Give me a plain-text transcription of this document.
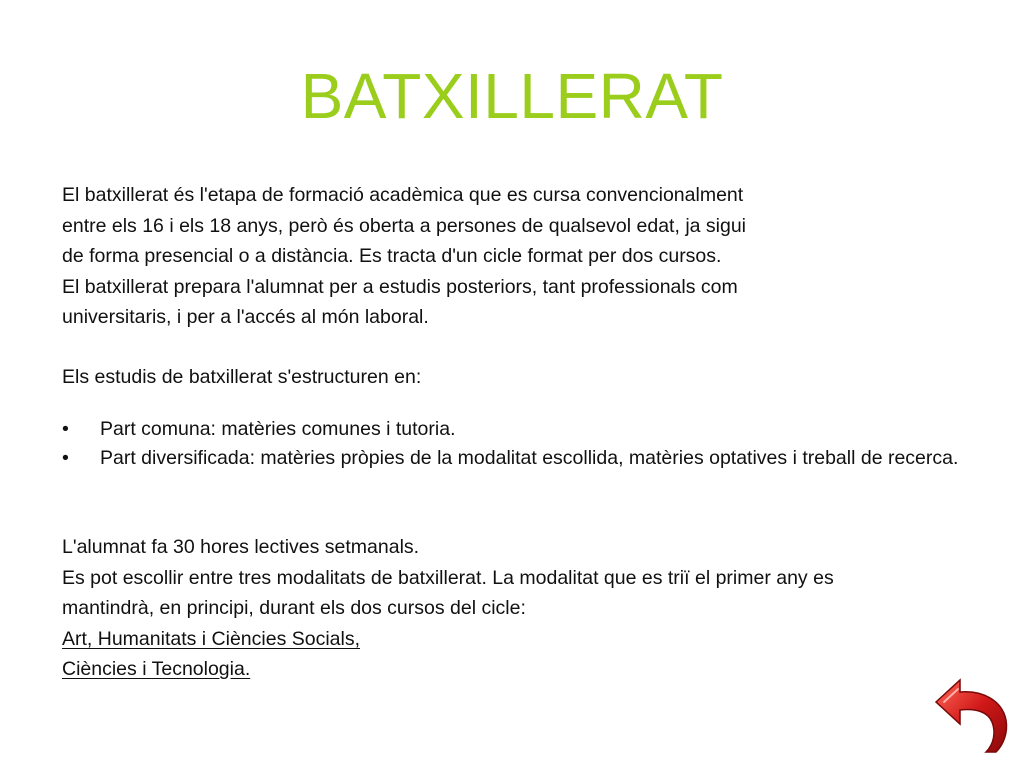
BATXILLERAT
El batxillerat és l'etapa de formació acadèmica que es cursa convencionalment
entre els 16 i els 18 anys, però és oberta a persones de qualsevol edat, ja sigui
de forma presencial o a distància. Es tracta d'un cicle format per dos cursos.
El batxillerat prepara l'alumnat per a estudis posteriors, tant professionals com
universitaris, i per a l'accés al món laboral.
Els estudis de batxillerat s'estructuren en:
• Part comuna: matèries comunes i tutoria.
• Part diversificada: matèries pròpies de la modalitat escollida, matèries optatives i treball de recerca.
L'alumnat fa 30 hores lectives setmanals.
Es pot escollir entre tres modalitats de batxillerat. La modalitat que es triï el primer any es
mantindrà, en principi, durant els dos cursos del cicle:
Art, Humanitats i Ciències Socials,
Ciències i Tecnologia.
